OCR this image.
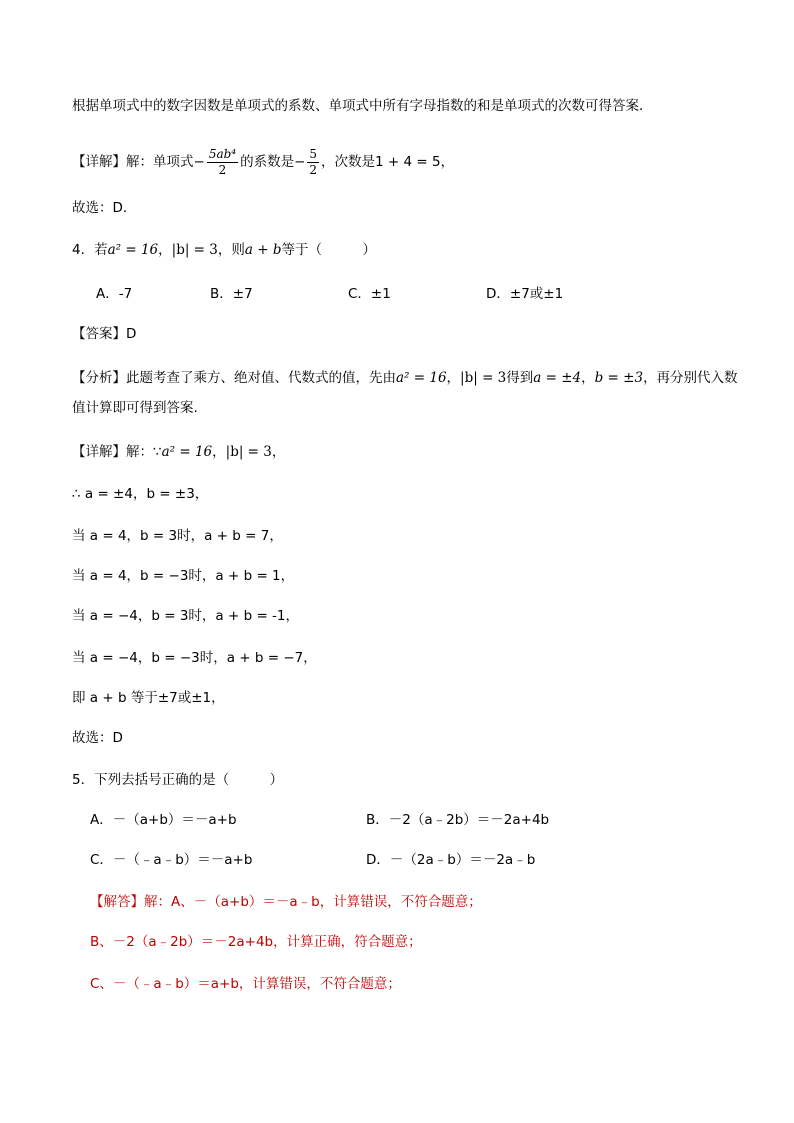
根据单项式中的数字因数是单项式的系数、单项式中所有字母指数的和是单项式的次数可得答案．
【详解】解：单项式− $\frac{\text{5ab⁴}}{2}$ 的系数是− $\frac{5}{2}$ ，次数是1 + 4 = 5，
故选：D．
4．若a² = 16，|b| = 3，则a + b等于（　　　）
A．-7	B．±7	C．±1	D．±7或±1
【答案】D
【分析】此题考查了乘方、绝对值、代数式的值，先由a² = 16，|b| = 3得到a = ±4，b = ±3，再分别代入数
值计算即可得到答案.
【详解】解：∵a² = 16，|b| = 3，
∴ a = ±4，b = ±3，
当 a = 4，b = 3时，a + b = 7，
当 a = 4，b = −3时，a + b = 1，
当 a = −4，b = 3时，a + b = -1，
当 a = −4，b = −3时，a + b = −7，
即 a + b 等于±7或±1，
故选：D
5．下列去括号正确的是（　　　）
A．－（a+b）＝－a+b	B．－2（a﹣2b）＝－2a+4b
C．－（﹣a﹣b）＝－a+b	D．－（2a﹣b）＝－2a﹣b
【解答】解：A、－（a+b）＝－a﹣b，计算错误，不符合题意；
B、－2（a﹣2b）＝－2a+4b，计算正确，符合题意；
C、－（﹣a﹣b）＝a+b，计算错误，不符合题意；
